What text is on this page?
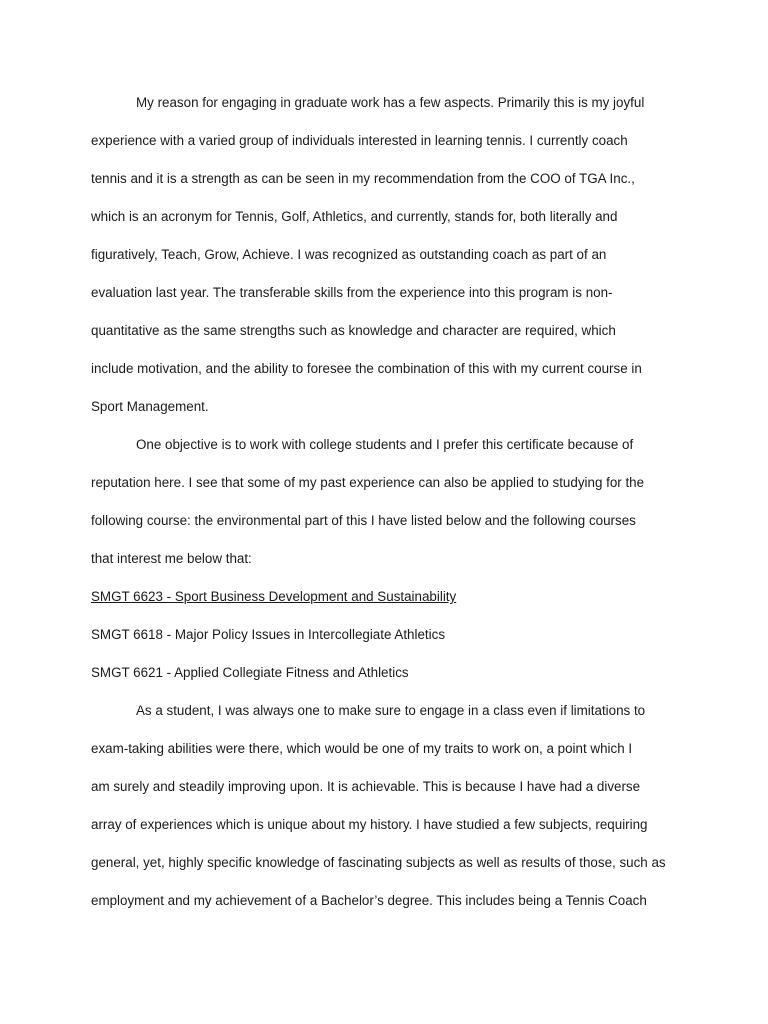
My reason for engaging in graduate work has a few aspects. Primarily this is my joyful
experience with a varied group of individuals interested in learning tennis. I currently coach
tennis and it is a strength as can be seen in my recommendation from the COO of TGA Inc.,
which is an acronym for Tennis, Golf, Athletics, and currently, stands for, both literally and
figuratively, Teach, Grow, Achieve. I was recognized as outstanding coach as part of an
evaluation last year. The transferable skills from the experience into this program is non-
quantitative as the same strengths such as knowledge and character are required, which
include motivation, and the ability to foresee the combination of this with my current course in
Sport Management.
One objective is to work with college students and I prefer this certificate because of
reputation here. I see that some of my past experience can also be applied to studying for the
following course: the environmental part of this I have listed below and the following courses
that interest me below that:
SMGT 6623 - Sport Business Development and Sustainability
SMGT 6618 - Major Policy Issues in Intercollegiate Athletics
SMGT 6621 - Applied Collegiate Fitness and Athletics
As a student, I was always one to make sure to engage in a class even if limitations to
exam-taking abilities were there, which would be one of my traits to work on, a point which I
am surely and steadily improving upon. It is achievable. This is because I have had a diverse
array of experiences which is unique about my history. I have studied a few subjects, requiring
general, yet, highly specific knowledge of fascinating subjects as well as results of those, such as
employment and my achievement of a Bachelor’s degree. This includes being a Tennis Coach
